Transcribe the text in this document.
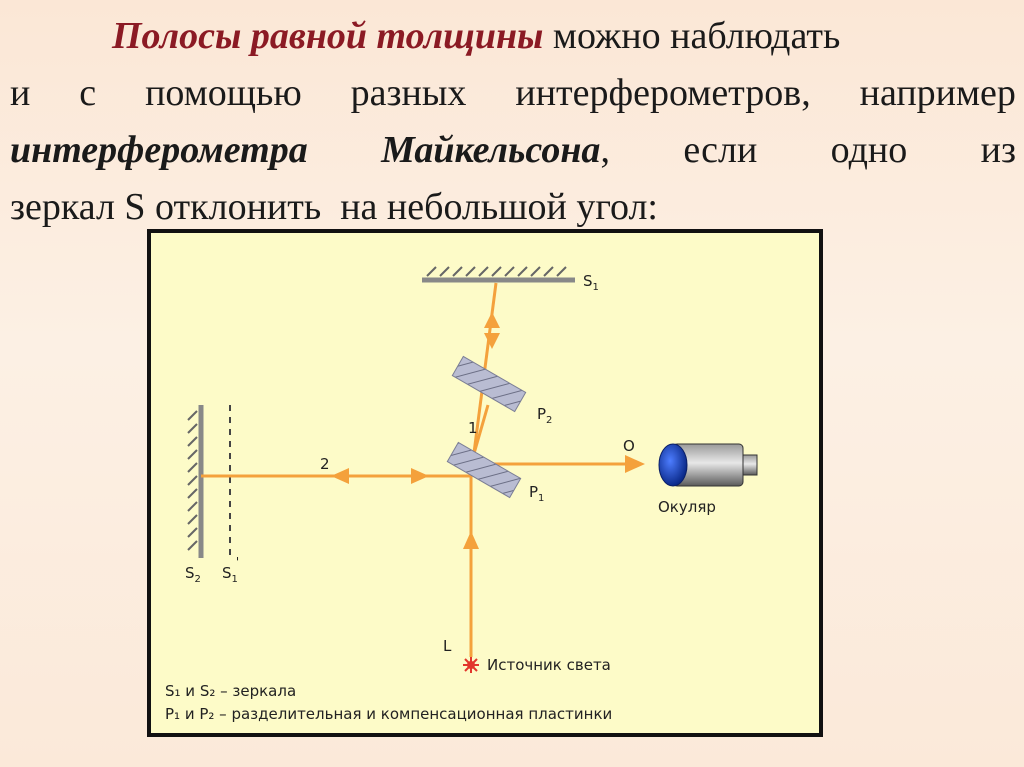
Полосы равной толщины можно наблюдать
и с помощью разных интерферометров, например
интерферометра Майкельсона, если одно из
зеркал S отклонить  на небольшой угол:
$S_1$
$S_2$ $S_1'$
$P_2$
$P_1$
1
2
O
L
Окуляр
Источник света
S₁ и S₂ – зеркала
P₁ и P₂ – разделительная и компенсационная пластинки
